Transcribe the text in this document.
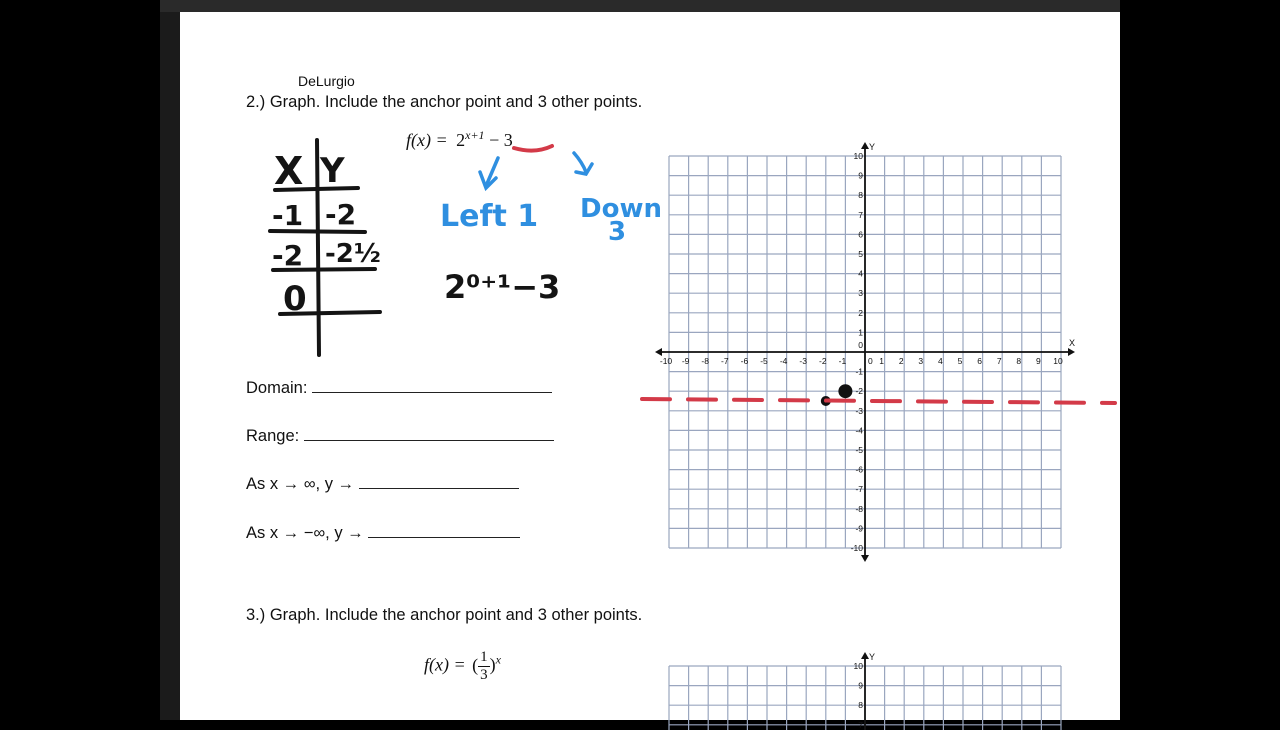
DeLurgio
2.) Graph. Include the anchor point and 3 other points.
$f(x) = 2^{x+1} - 3$
Domain:
Range:
As x → ∞, y →
As x → −∞, y →
X
Y
-10
-10
-9
-9
-8
-8
-7
-7
-6
-6
-5
-5
-4
-4
-3
-3
-2
-2
-1
-1
0 1
1
2
2
3
3
4
4
5
5
6
6
7
7
8
8
9
9
10
10
0
3.) Graph. Include the anchor point and 3 other points.
f(x) = ( $\frac{1}{3} )^x$	Y
7
8
9
10
X Y
-1 -2
-2 -2½
0
Left 1 Down
3
2⁰⁺¹−3
